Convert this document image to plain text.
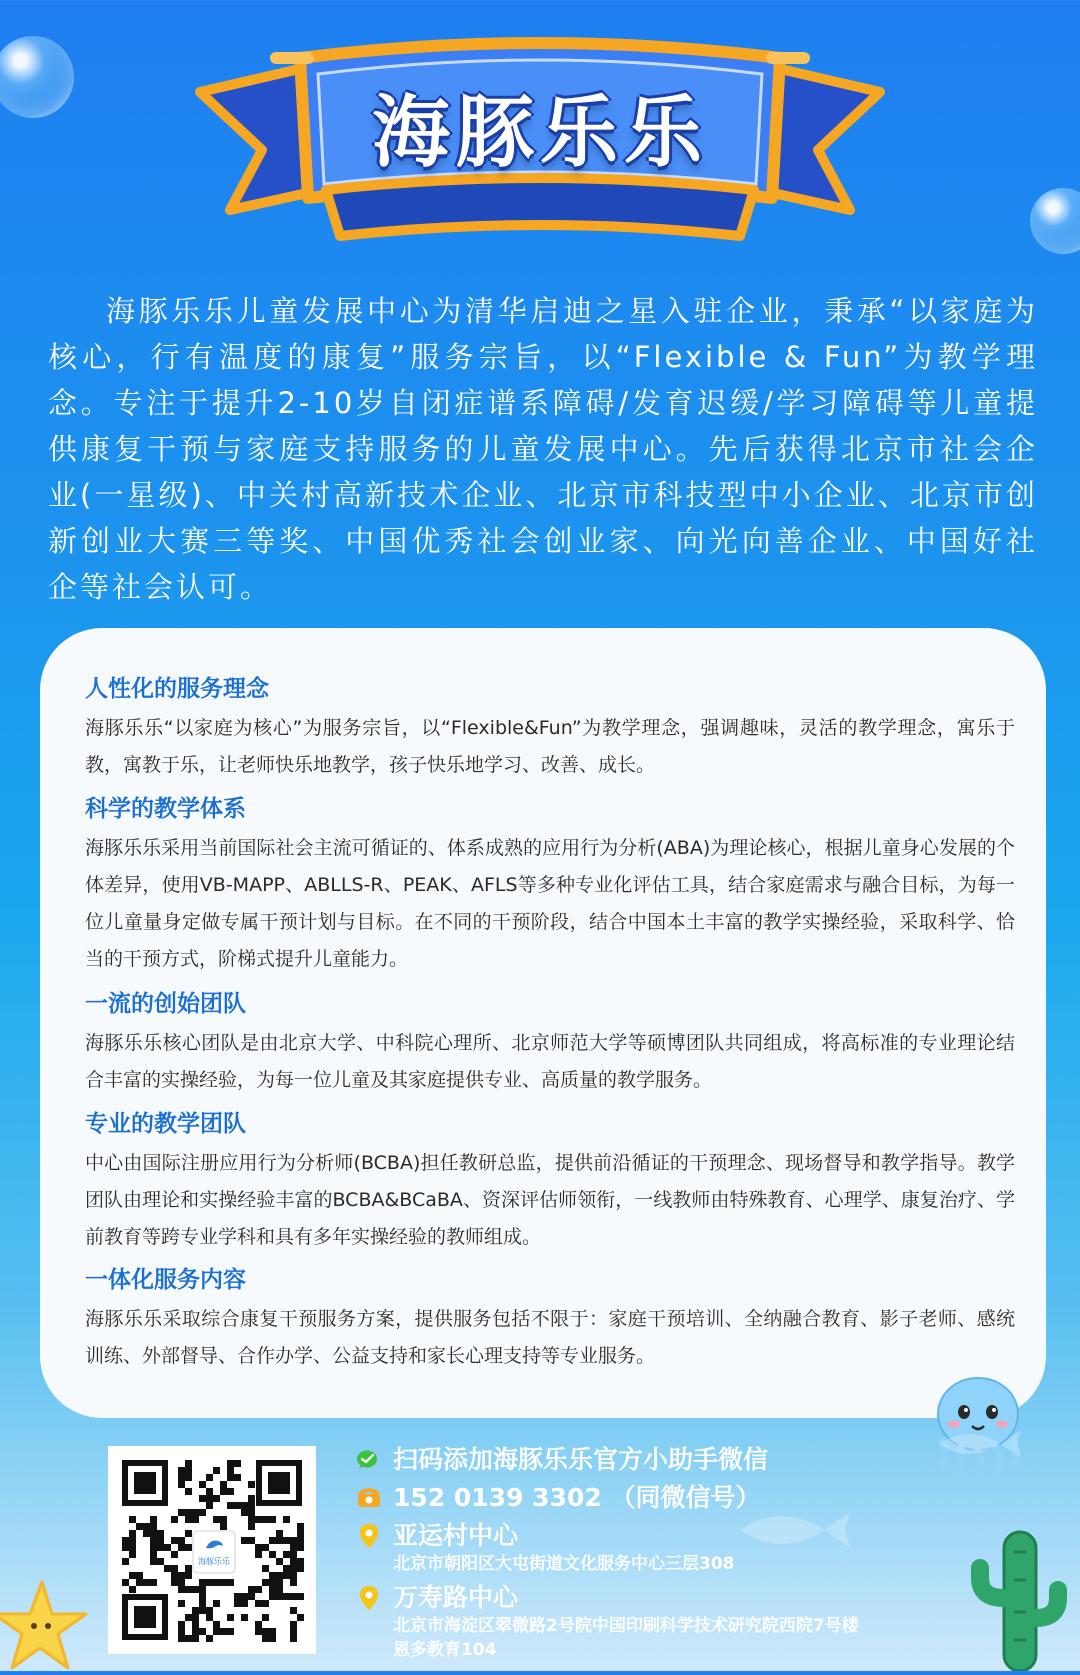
海豚乐乐

海豚乐乐儿童发展中心为清华启迪之星入驻企业，秉承“以家庭为核心，行有温度的康复”服务宗旨，以“Flexible & Fun”为教学理念。专注于提升2-10岁自闭症谱系障碍/发育迟缓/学习障碍等儿童提供康复干预与家庭支持服务的儿童发展中心。先后获得北京市社会企业(一星级)、中关村高新技术企业、北京市科技型中小企业、北京市创新创业大赛三等奖、中国优秀社会创业家、向光向善企业、中国好社企等社会认可。

人性化的服务理念

海豚乐乐“以家庭为核心”为服务宗旨，以“Flexible&Fun”为教学理念，强调趣味，灵活的教学理念，寓乐于教，寓教于乐，让老师快乐地教学，孩子快乐地学习、改善、成长。

科学的教学体系

海豚乐乐采用当前国际社会主流可循证的、体系成熟的应用行为分析(ABA)为理论核心，根据儿童身心发展的个体差异，使用VB-MAPP、ABLLS-R、PEAK、AFLS等多种专业化评估工具，结合家庭需求与融合目标，为每一位儿童量身定做专属干预计划与目标。在不同的干预阶段，结合中国本土丰富的教学实操经验，采取科学、恰当的干预方式，阶梯式提升儿童能力。

一流的创始团队

海豚乐乐核心团队是由北京大学、中科院心理所、北京师范大学等硕博团队共同组成，将高标准的专业理论结合丰富的实操经验，为每一位儿童及其家庭提供专业、高质量的教学服务。

专业的教学团队

中心由国际注册应用行为分析师(BCBA)担任教研总监，提供前沿循证的干预理念、现场督导和教学指导。教学团队由理论和实操经验丰富的BCBA&BCaBA、资深评估师领衔，一线教师由特殊教育、心理学、康复治疗、学前教育等跨专业学科和具有多年实操经验的教师组成。

一体化服务内容

海豚乐乐采取综合康复干预服务方案，提供服务包括不限于：家庭干预培训、全纳融合教育、影子老师、感统训练、外部督导、合作办学、公益支持和家长心理支持等专业服务。

海豚乐乐
扫码添加海豚乐乐官方小助手微信
152 0139 3302 （同微信号）
亚运村中心
北京市朝阳区大屯街道文化服务中心三层308
万寿路中心
北京市海淀区翠微路2号院中国印刷科学技术研究院西院7号楼
恩多教育104
